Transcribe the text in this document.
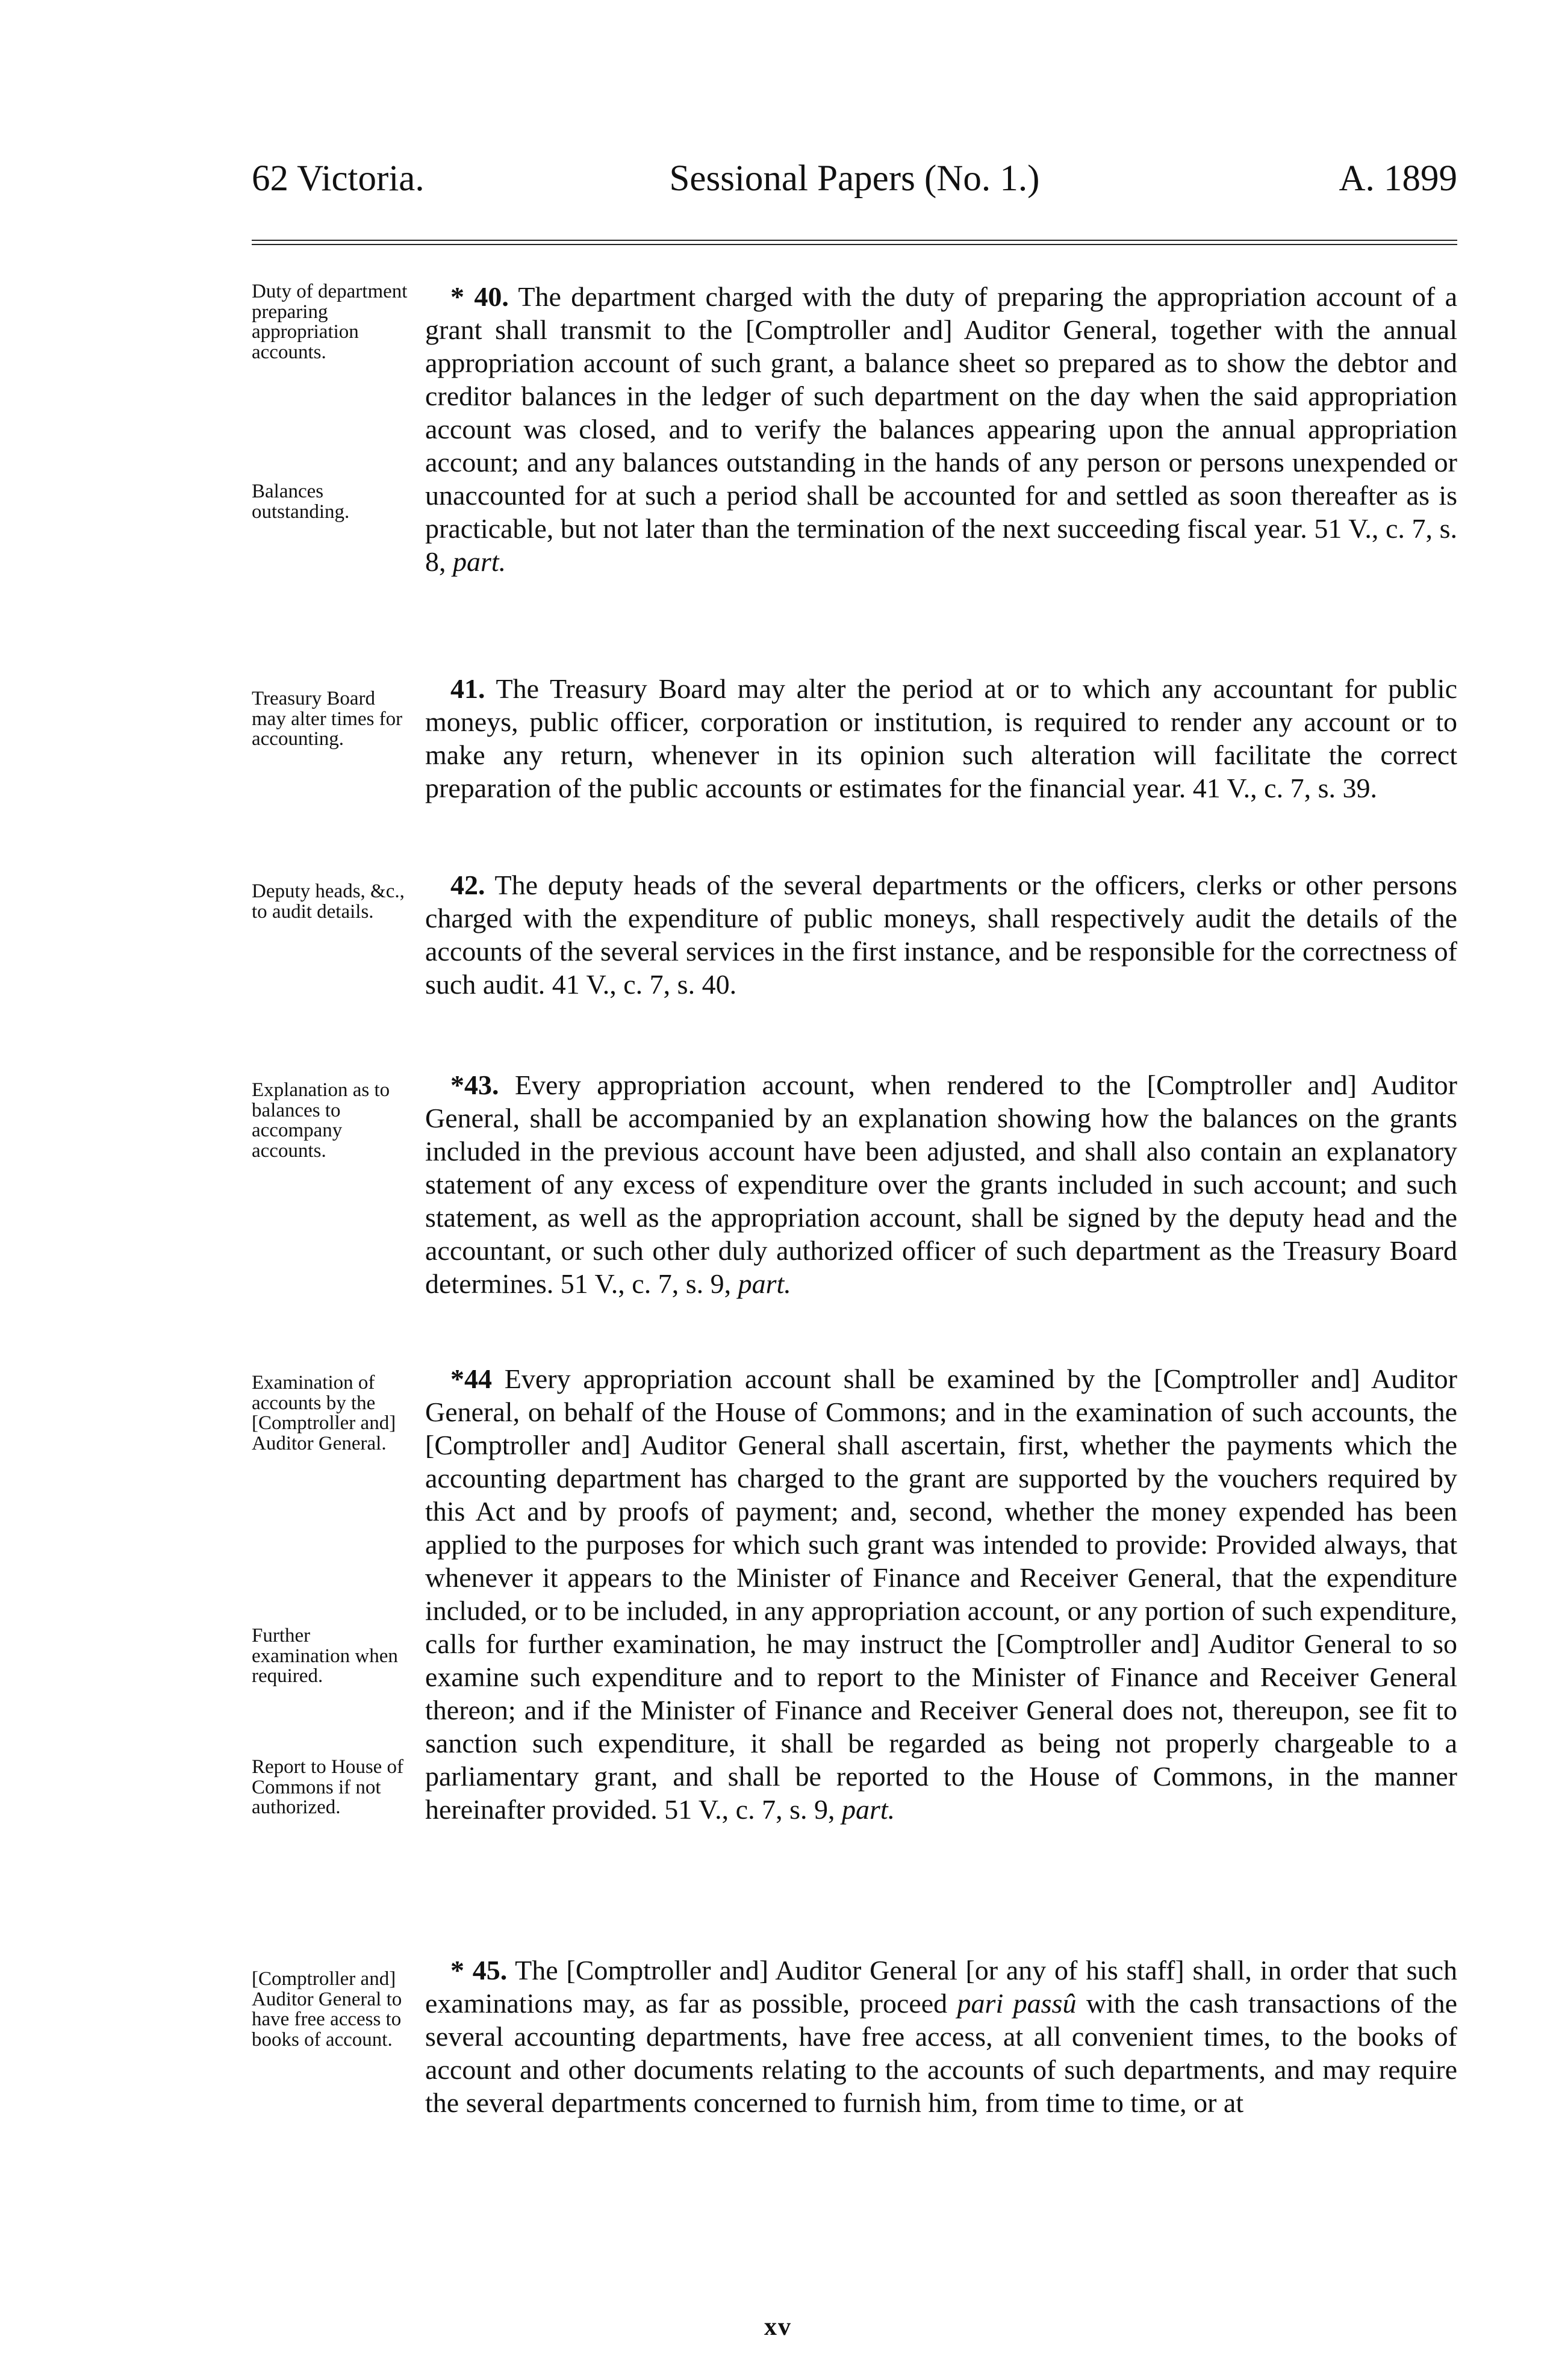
62 Victoria.	Sessional Papers (No. 1.)	A. 1899
Duty of department preparing appropriation accounts.
Balances outstanding.
Treasury Board may alter times for accounting.
Deputy heads, &c., to audit details.
Explanation as to balances to accompany accounts.
Examination of accounts by the [Comptroller and] Auditor General.
Further examination when required.
Report to House of Commons if not authorized.
[Comptroller and] Auditor General to have free access to books of account.
* 40. The department charged with the duty of preparing the appropriation account of a grant shall transmit to the [Comptroller and] Auditor General, together with the annual appropriation account of such grant, a balance sheet so prepared as to show the debtor and creditor balances in the ledger of such department on the day when the said appropriation account was closed, and to verify the balances appearing upon the annual appropriation account; and any balances outstanding in the hands of any person or persons unexpended or unaccounted for at such a period shall be accounted for and settled as soon thereafter as is practicable, but not later than the termination of the next succeeding fiscal year. 51 V., c. 7, s. 8, part.
41. The Treasury Board may alter the period at or to which any accountant for public moneys, public officer, corporation or institution, is required to render any account or to make any return, whenever in its opinion such alteration will facilitate the correct preparation of the public accounts or estimates for the financial year. 41 V., c. 7, s. 39.
42. The deputy heads of the several departments or the officers, clerks or other persons charged with the expenditure of public moneys, shall respectively audit the details of the accounts of the several services in the first instance, and be responsible for the correctness of such audit. 41 V., c. 7, s. 40.
*43. Every appropriation account, when rendered to the [Comptroller and] Auditor General, shall be accompanied by an explanation showing how the balances on the grants included in the previous account have been adjusted, and shall also contain an explanatory statement of any excess of expenditure over the grants included in such account; and such statement, as well as the appropriation account, shall be signed by the deputy head and the accountant, or such other duly authorized officer of such department as the Treasury Board determines. 51 V., c. 7, s. 9, part.
*44 Every appropriation account shall be examined by the [Comptroller and] Auditor General, on behalf of the House of Commons; and in the examination of such accounts, the [Comptroller and] Auditor General shall ascertain, first, whether the payments which the accounting department has charged to the grant are supported by the vouchers required by this Act and by proofs of payment; and, second, whether the money expended has been applied to the purposes for which such grant was intended to provide: Provided always, that whenever it appears to the Minister of Finance and Receiver General, that the expenditure included, or to be included, in any appropriation account, or any portion of such expenditure, calls for further examination, he may instruct the [Comptroller and] Auditor General to so examine such expenditure and to report to the Minister of Finance and Receiver General thereon; and if the Minister of Finance and Receiver General does not, thereupon, see fit to sanction such expenditure, it shall be regarded as being not properly chargeable to a parliamentary grant, and shall be reported to the House of Commons, in the manner hereinafter provided. 51 V., c. 7, s. 9, part.
* 45. The [Comptroller and] Auditor General [or any of his staff] shall, in order that such examinations may, as far as possible, proceed pari passû with the cash transactions of the several accounting departments, have free access, at all convenient times, to the books of account and other documents relating to the accounts of such departments, and may require the several departments concerned to furnish him, from time to time, or at
xv
